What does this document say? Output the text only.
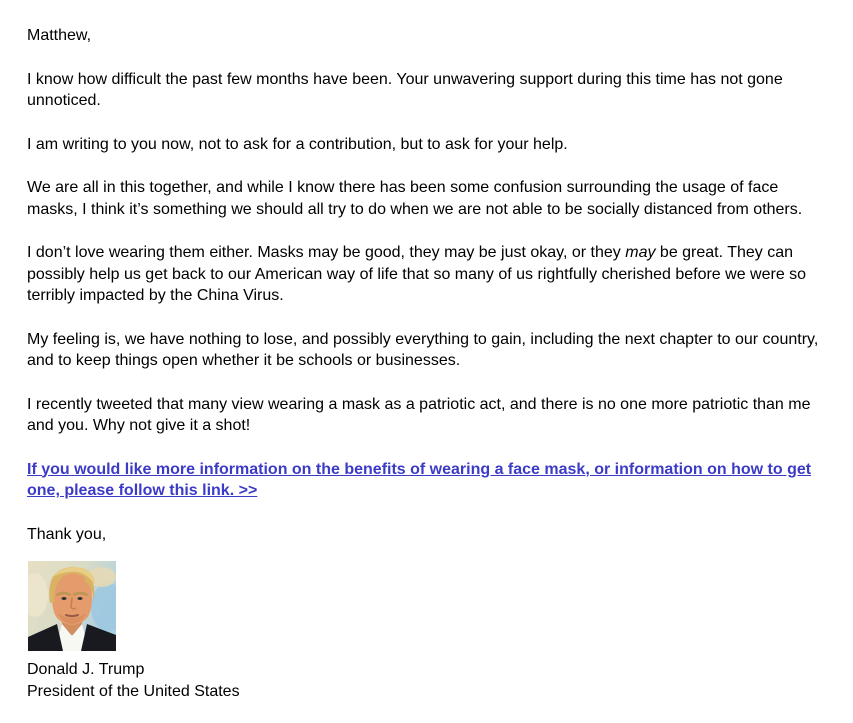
Matthew,

I know how difficult the past few months have been. Your unwavering support during this time has not gone unnoticed.

I am writing to you now, not to ask for a contribution, but to ask for your help.

We are all in this together, and while I know there has been some confusion surrounding the usage of face masks, I think it’s something we should all try to do when we are not able to be socially distanced from others.

I don’t love wearing them either. Masks may be good, they may be just okay, or they may be great. They can possibly help us get back to our American way of life that so many of us rightfully cherished before we were so terribly impacted by the China Virus.

My feeling is, we have nothing to lose, and possibly everything to gain, including the next chapter to our country, and to keep things open whether it be schools or businesses.

I recently tweeted that many view wearing a mask as a patriotic act, and there is no one more patriotic than me and you. Why not give it a shot!

If you would like more information on the benefits of wearing a face mask, or information on how to get one, please follow this link. >>

Thank you,

Donald J. Trump
President of the United States
